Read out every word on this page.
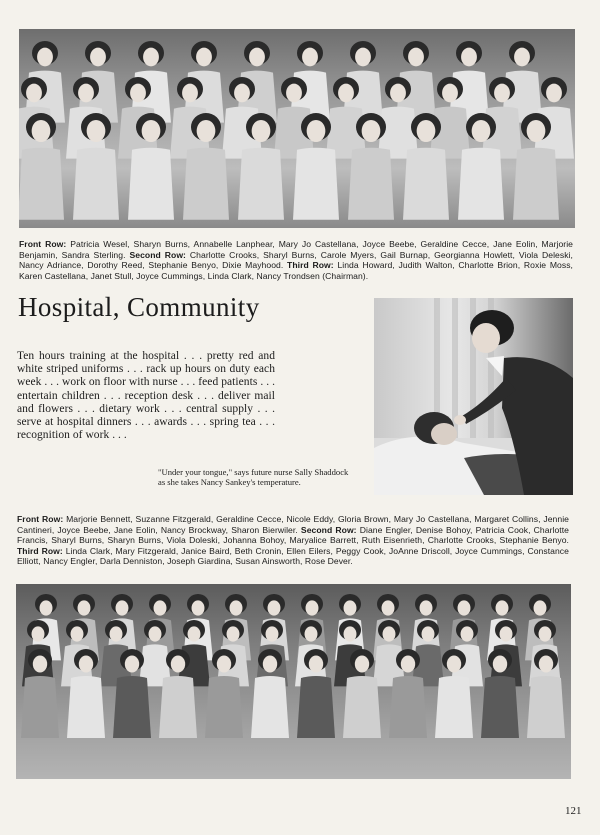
Front Row: Patricia Wesel, Sharyn Burns, Annabelle Lanphear, Mary Jo Castellana, Joyce Beebe, Geraldine Cecce, Jane Eolin, Marjorie Benjamin, Sandra Sterling. Second Row: Charlotte Crooks, Sharyl Burns, Carole Myers, Gail Burnap, Georgianna Howlett, Viola Deleski, Nancy Adriance, Dorothy Reed, Stephanie Benyo, Dixie Mayhood. Third Row: Linda Howard, Judith Walton, Charlotte Brion, Roxie Moss, Karen Castellana, Janet Stull, Joyce Cummings, Linda Clark, Nancy Trondsen (Chairman).
Hospital, Community
Ten hours training at the hospital . . . pretty red and white striped uniforms . . . rack up hours on duty each week . . . work on floor with nurse . . . feed patients . . . entertain children . . . reception desk . . . deliver mail and flowers . . . dietary work . . . central supply . . . serve at hospital dinners . . . awards . . . spring tea . . . recognition of work . . .
"Under your tongue," says future nurse Sally Shaddock as she takes Nancy Sankey's temperature.
Front Row: Marjorie Bennett, Suzanne Fitzgerald, Geraldine Cecce, Nicole Eddy, Gloria Brown, Mary Jo Castellana, Margaret Collins, Jennie Cantineri, Joyce Beebe, Jane Eolin, Nancy Brockway, Sharon Bierwiler. Second Row: Diane Engler, Denise Bohoy, Patricia Cook, Charlotte Francis, Sharyl Burns, Sharyn Burns, Viola Doleski, Johanna Bohoy, Maryalice Barrett, Ruth Eisenrieth, Charlotte Crooks, Stephanie Benyo. Third Row: Linda Clark, Mary Fitzgerald, Janice Baird, Beth Cronin, Ellen Eilers, Peggy Cook, JoAnne Driscoll, Joyce Cummings, Constance Elliott, Nancy Engler, Darla Denniston, Joseph Giardina, Susan Ainsworth, Rose Dever.
121
